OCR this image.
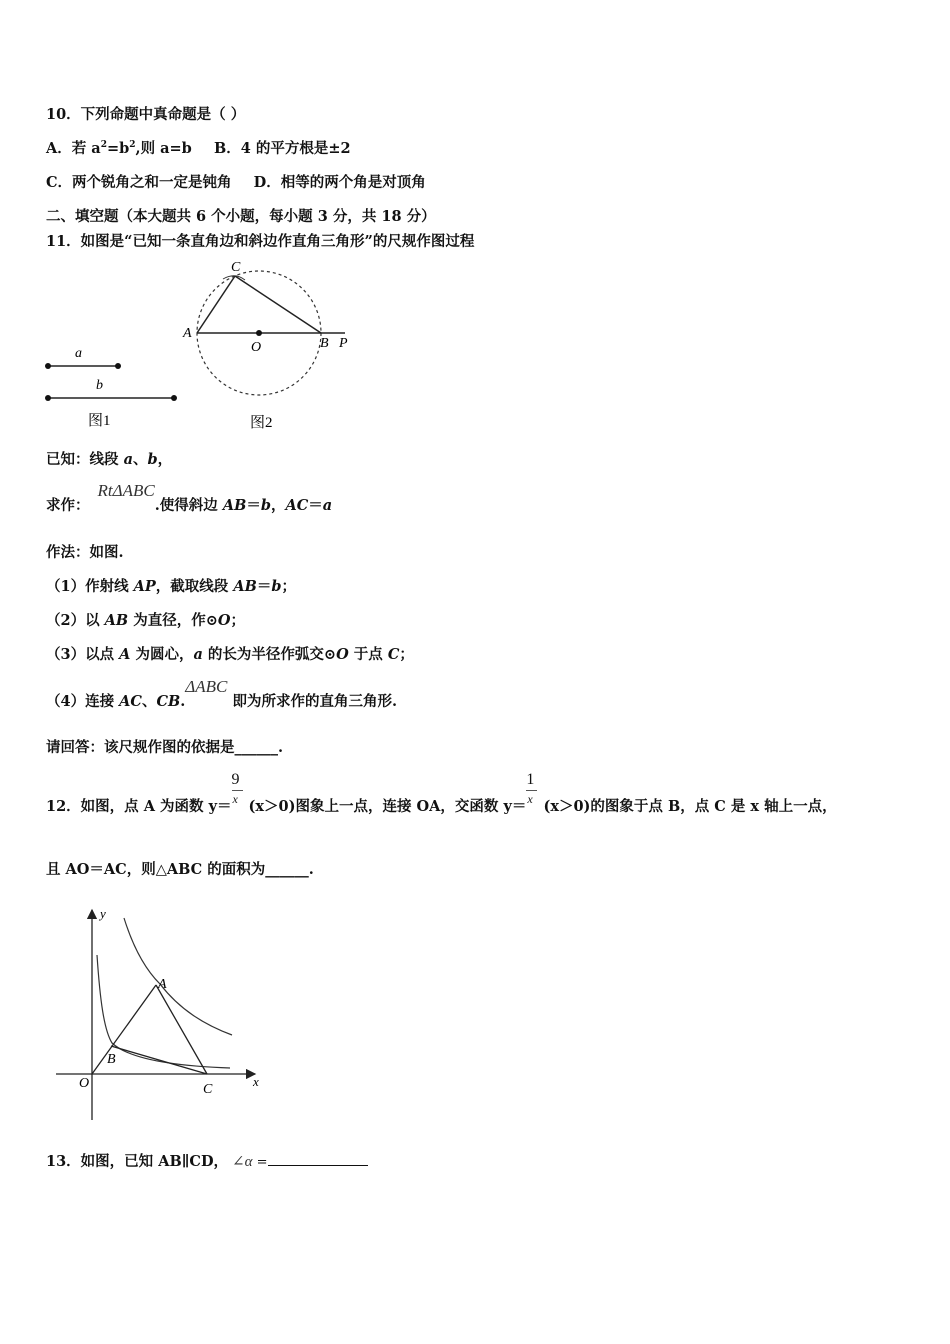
10．下列命题中真命题是（ ）
A．若 $a^2=b^2$,则 a=b B．4 的平方根是±2
C．两个锐角之和一定是钝角 D．相等的两个角是对顶角
二、填空题（本大题共 6 个小题，每小题 3 分，共 18 分）
11．如图是“已知一条直角边和斜边作直角三角形”的尺规作图过程
a
b
图1
C
A
O	B P
图2
已知：线段 a、b，
求作：RtΔABC.使得斜边 AB＝b，AC＝a
作法：如图.
（1）作射线 AP，截取线段 AB＝b；
（2）以 AB 为直径，作⊙O；
（3）以点 A 为圆心，a 的长为半径作弧交⊙O 于点 C；
（4）连接 AC、CB.ΔABC 即为所求作的直角三角形.
请回答：该尺规作图的依据是______.
12．如图，点 A 为函数 $y= \frac{9}{x} (x>0)$图象上一点，连接 OA，交函数 $y= \frac{1}{x} (x>0)$的图象于点 B，点 C 是 x 轴上一点，
且 AO＝AC，则△ABC 的面积为______.
y
x
O
A
B
C
13．如图，已知 AB∥CD， ∠α =
